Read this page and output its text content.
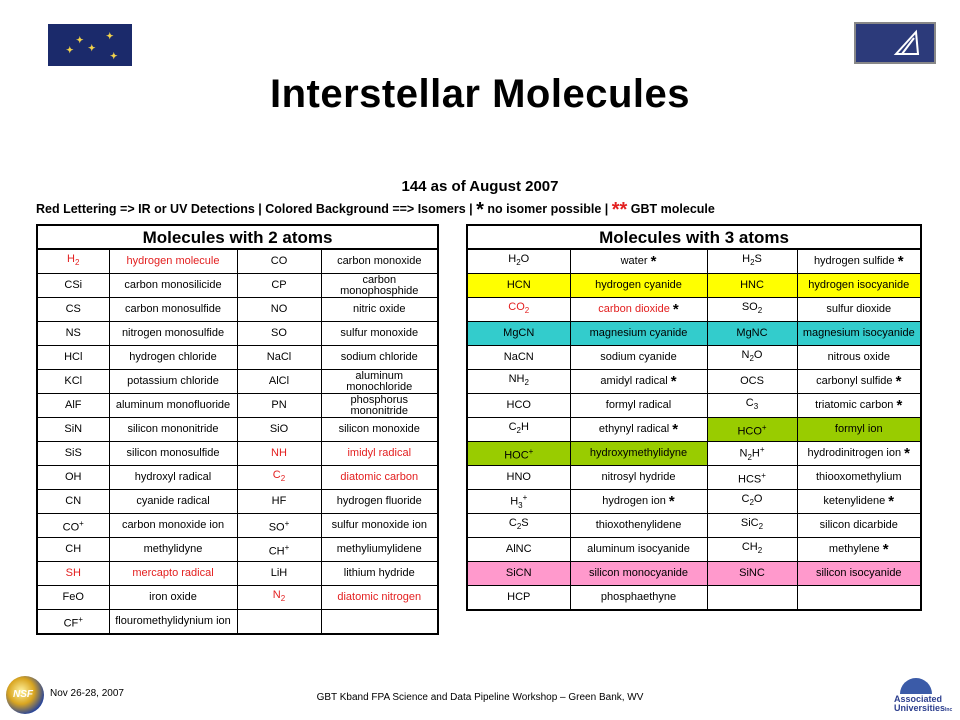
✦
✦
✦
✦
✦
Interstellar Molecules
144 as of August 2007
Red Lettering => IR or UV Detections | Colored Background ==> Isomers | * no isomer possible | ** GBT molecule
Molecules with 2 atoms			
$H_2$	hydrogen molecule	CO	carbon monoxide
CSi	carbon monosilicide	CP	carbon monophosphide
CS	carbon monosulfide	NO	nitric oxide
NS	nitrogen monosulfide	SO	sulfur monoxide
HCl	hydrogen chloride	NaCl	sodium chloride
KCl	potassium chloride	AlCl	aluminum monochloride
AlF	aluminum monofluoride	PN	phosphorus mononitride
SiN	silicon mononitride	SiO	silicon monoxide
SiS	silicon monosulfide	NH	imidyl radical
OH	hydroxyl radical	$C_2$	diatomic carbon
CN	cyanide radical	HF	hydrogen fluoride
CO+	carbon monoxide ion	SO+	sulfur monoxide ion
CH	methylidyne	CH+	methyliumylidene
SH	mercapto radical	LiH	lithium hydride
FeO	iron oxide	$N_2$	diatomic nitrogen
CF+	flouromethylidynium ion		
Molecules with 3 atoms			
$H_2O$	water *	$H_2S$	hydrogen sulfide *
HCN	hydrogen cyanide	HNC	hydrogen isocyanide
$CO_2$	carbon dioxide *	$SO_2$	sulfur dioxide
MgCN	magnesium cyanide	MgNC	magnesium isocyanide
NaCN	sodium cyanide	$N_2O$	nitrous oxide
$NH_2$	amidyl radical *	OCS	carbonyl sulfide *
HCO	formyl radical	$C_3$	triatomic carbon *
$C_2H$	ethynyl radical *	HCO+	formyl ion
HOC+	hydroxymethylidyne	$N_2H^+$	hydrodinitrogen ion *
HNO	nitrosyl hydride	HCS+	thiooxomethylium
$H_3^+$	hydrogen ion *	$C_2O$	ketenylidene *
$C_2S$	thioxothenylidene	SiC$_2$	silicon dicarbide
AlNC	aluminum isocyanide	$CH_2$	methylene *
SiCN	silicon monocyanide	SiNC	silicon isocyanide
HCP	phosphaethyne		
NSF Nov 26-28, 2007	GBT Kband FPA Science and Data Pipeline Workshop – Green Bank, WV	Associated
UniversitiesInc
